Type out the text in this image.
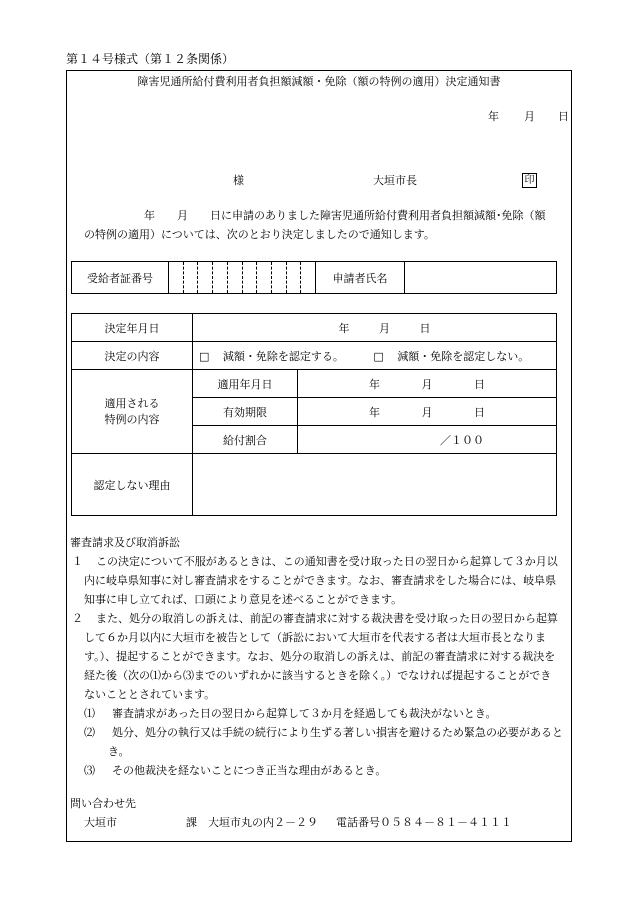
第１４号様式（第１２条関係）
障害児通所給付費利用者負担額減額・免除（額の特例の適用）決定通知書
年 月 日
様	大垣市長	印
年　　月　　日に申請のありました障害児通所給付費利用者負担額減額･免除（額
の特例の適用）については、次のとおり決定しましたので通知します。
受給者証番号		申請者氏名	
決定年月日	年 月 日	
決定の内容	□ 減額・免除を認定する。 □ 減額・免除を認定しない。	

適用される
特例の内容	適用年月日	年 月 日
	有効期限	年 月 日
	給付割合	／１００
認定しない理由		
審査請求及び取消訴訟
１ この決定について不服があるときは、この通知書を受け取った日の翌日から起算して３か月以
内に岐阜県知事に対し審査請求をすることができます。なお、審査請求をした場合には、岐阜県
知事に申し立てれば、口頭により意見を述べることができます。
２ また、処分の取消しの訴えは、前記の審査請求に対する裁決書を受け取った日の翌日から起算
して６か月以内に大垣市を被告として（訴訟において大垣市を代表する者は大垣市長となりま
す。）、提起することができます。なお、処分の取消しの訴えは、前記の審査請求に対する裁決を
経た後（次の⑴から⑶までのいずれかに該当するときを除く。）でなければ提起することができ
ないこととされています。
⑴ 審査請求があった日の翌日から起算して３か月を経過しても裁決がないとき。
⑵ 処分、処分の執行又は手続の続行により生ずる著しい損害を避けるため緊急の必要があると
き。
⑶ その他裁決を経ないことにつき正当な理由があるとき。
問い合わせ先
大垣市	課 大垣市丸の内２－２９ 電話番号０５８４－８１－４１１１
